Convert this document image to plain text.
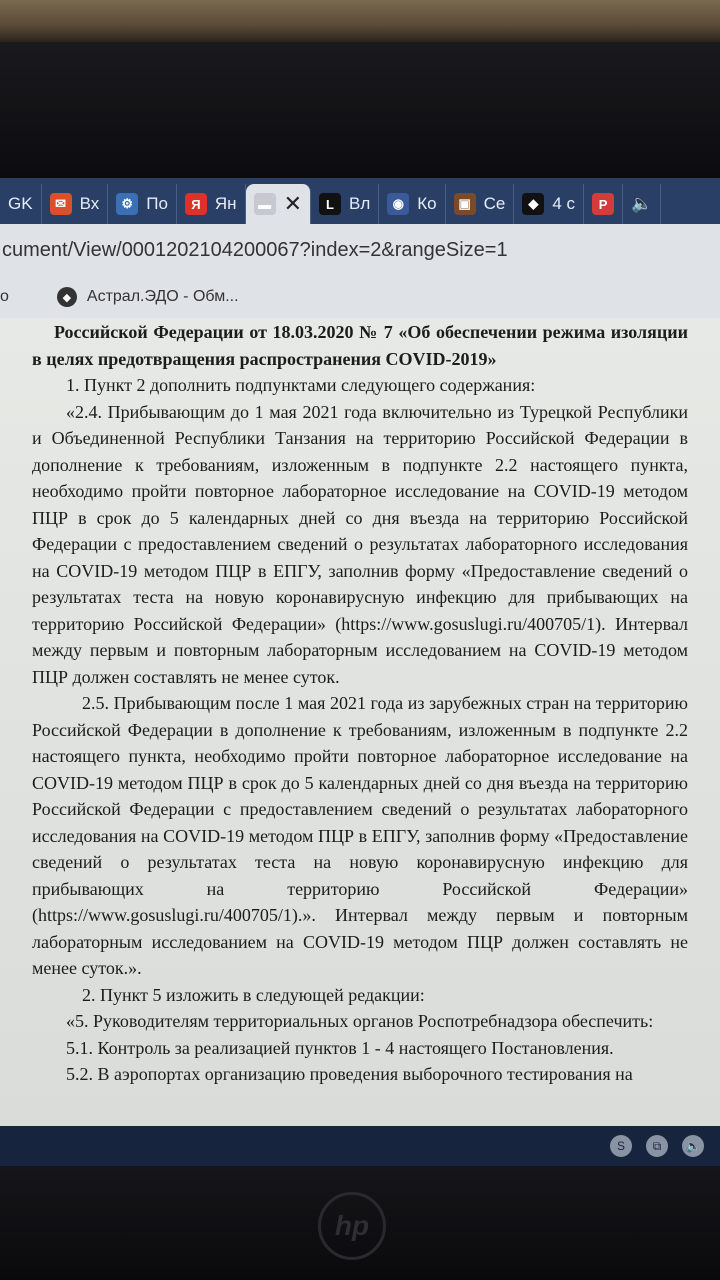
GK	✉ Вх	⚙ По	Я Ян	▬ ✕	L Вл	◉ Ко	▣ Се	◆ 4 с	P	🔈
cument/View/0001202104200067?index=2&rangeSize=1
о	◆ Астрал.ЭДО - Обм...

Российской Федерации от 18.03.2020 № 7 «Об обеспечении режима изоляции в целях предотвращения распространения COVID-2019»

1. Пункт 2 дополнить подпунктами следующего содержания:

«2.4. Прибывающим до 1 мая 2021 года включительно из Турецкой Республики и Объединенной Республики Танзания на территорию Российской Федерации в дополнение к требованиям, изложенным в подпункте 2.2 настоящего пункта, необходимо пройти повторное лабораторное исследование на COVID-19 методом ПЦР в срок до 5 календарных дней со дня въезда на территорию Российской Федерации с предоставлением сведений о результатах лабораторного исследования на COVID-19 методом ПЦР в ЕПГУ, заполнив форму «Предоставление сведений о результатах теста на новую коронавирусную инфекцию для прибывающих на территорию Российской Федерации» (https://www.gosuslugi.ru/400705/1). Интервал между первым и повторным лабораторным исследованием на COVID-19 методом ПЦР должен составлять не менее суток.

2.5. Прибывающим после 1 мая 2021 года из зарубежных стран на территорию Российской Федерации в дополнение к требованиям, изложенным в подпункте 2.2 настоящего пункта, необходимо пройти повторное лабораторное исследование на COVID-19 методом ПЦР в срок до 5 календарных дней со дня въезда на территорию Российской Федерации с предоставлением сведений о результатах лабораторного исследования на COVID-19 методом ПЦР в ЕПГУ, заполнив форму «Предоставление сведений о результатах теста на новую коронавирусную инфекцию для прибывающих на территорию Российской Федерации» (https://www.gosuslugi.ru/400705/1).». Интервал между первым и повторным лабораторным исследованием на COVID-19 методом ПЦР должен составлять не менее суток.».

2. Пункт 5 изложить в следующей редакции:

«5. Руководителям территориальных органов Роспотребнадзора обеспечить:

5.1. Контроль за реализацией пунктов 1 - 4 настоящего Постановления.

5.2. В аэропортах организацию проведения выборочного тестирования на

S	⧉	🔈
hp
